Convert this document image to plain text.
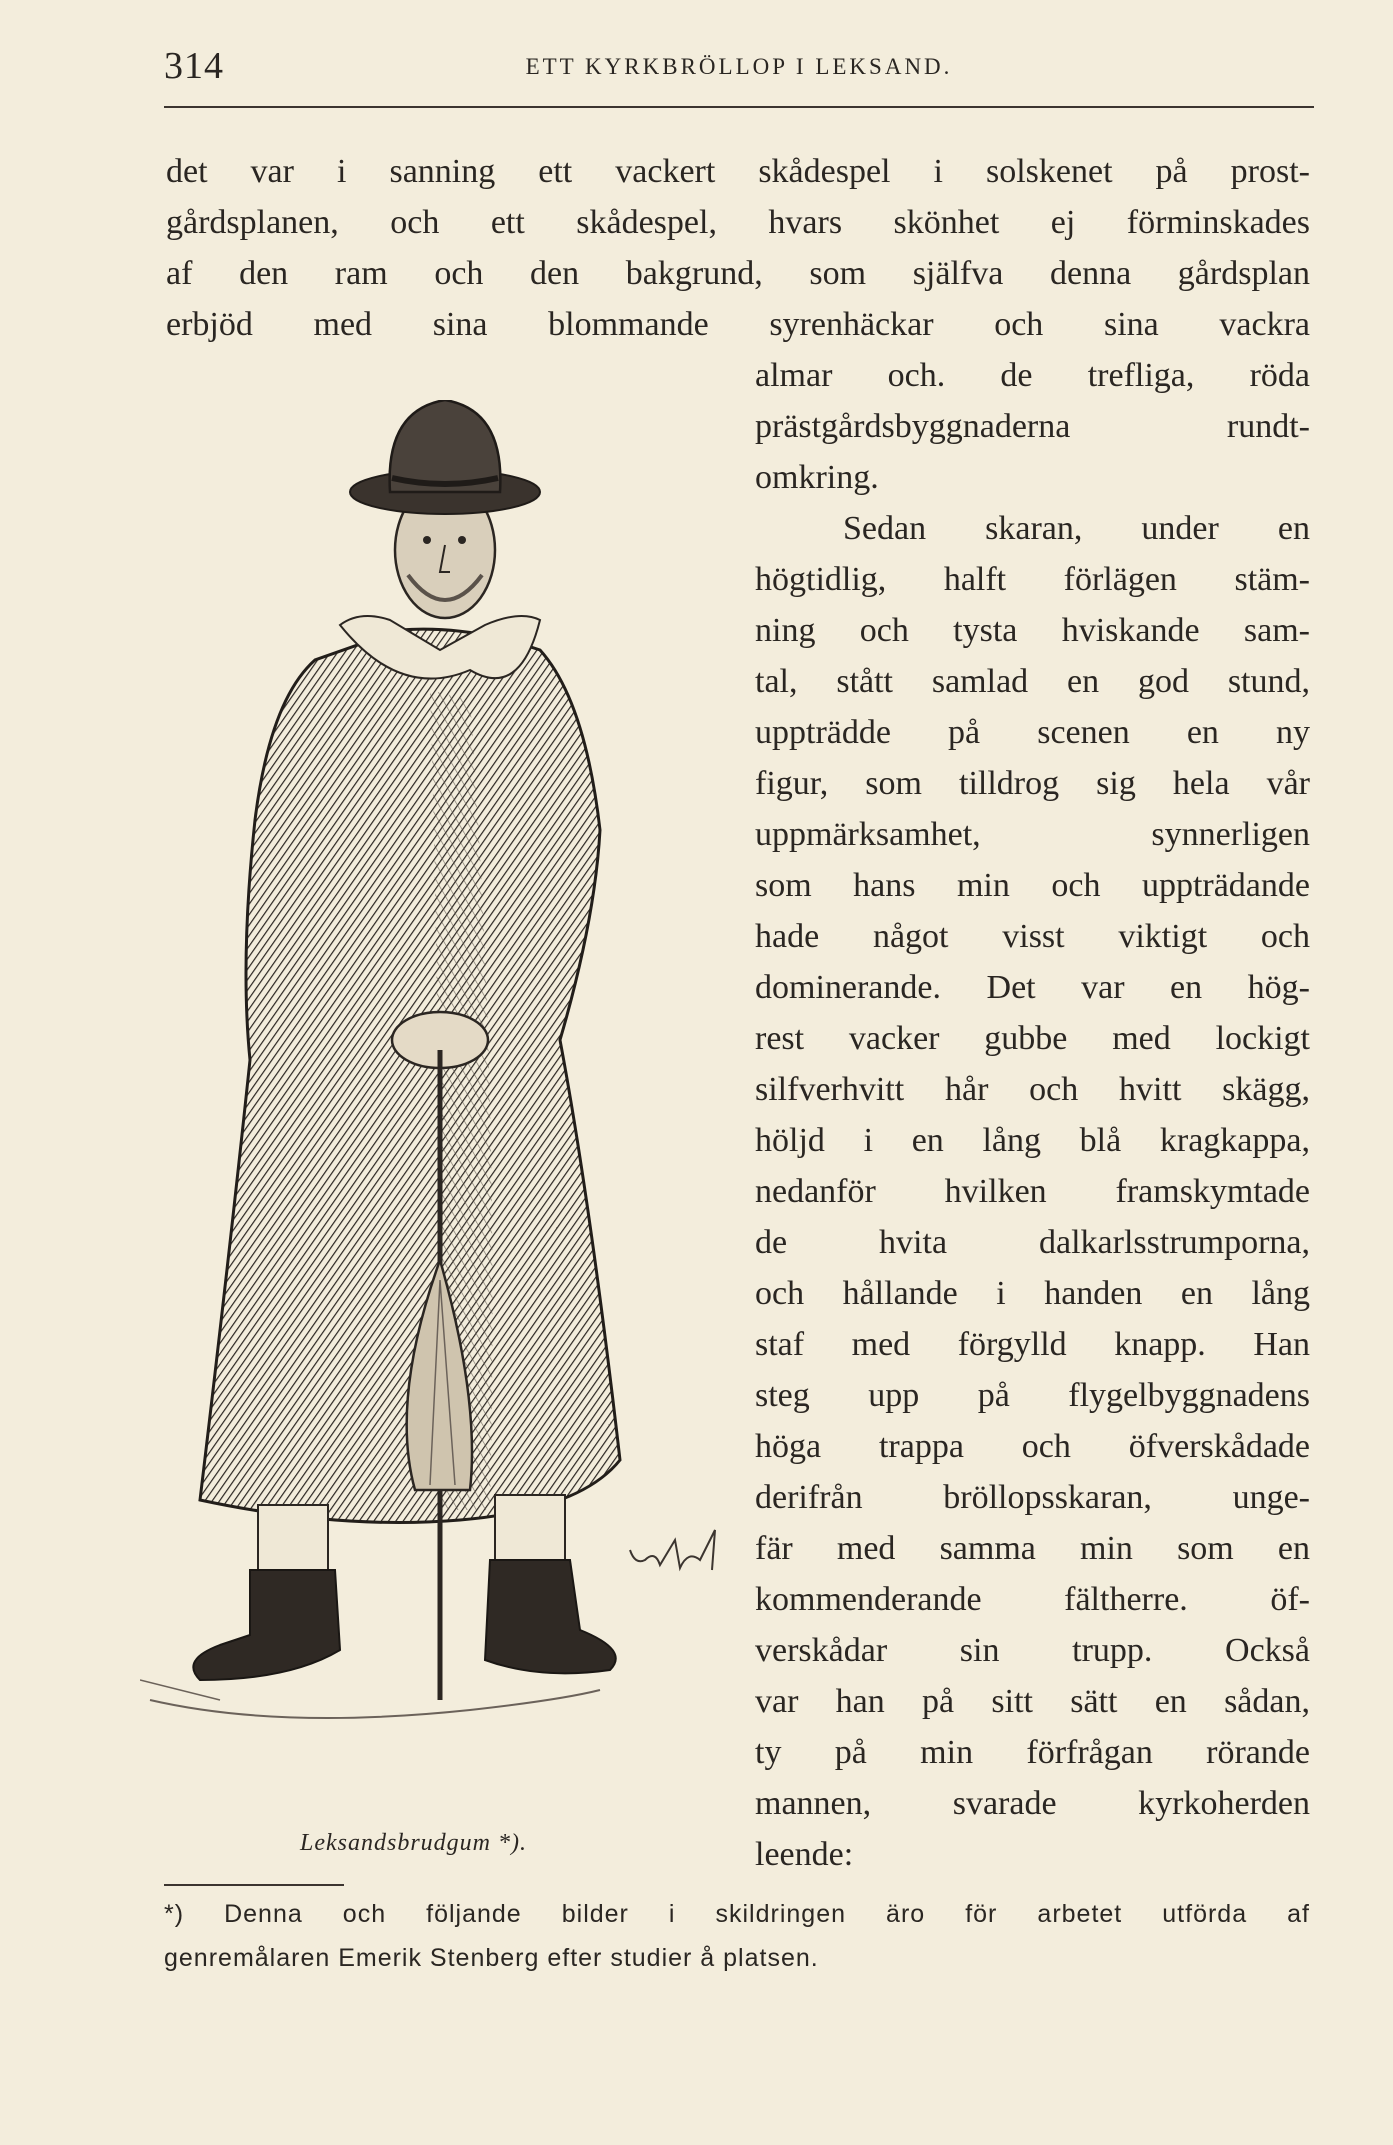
314	ETT KYRKBRÖLLOP I LEKSAND.
det var i sanning ett vackert skådespel i solskenet på prost-
gårdsplanen, och ett skådespel, hvars skönhet ej förminskades
af den ram och den bakgrund, som själfva denna gårdsplan
erbjöd med sina blommande syrenhäckar och sina vackra
almar och. de trefliga, röda
prästgårdsbyggnaderna rundt-
omkring.
Sedan skaran, under en
högtidlig, halft förlägen stäm-
ning och tysta hviskande sam-
tal, stått samlad en god stund,
uppträdde på scenen en ny
figur, som tilldrog sig hela vår
uppmärksamhet, synnerligen
som hans min och uppträdande
hade något visst viktigt och
dominerande. Det var en hög-
rest vacker gubbe med lockigt
silfverhvitt hår och hvitt skägg,
höljd i en lång blå kragkappa,
nedanför hvilken framskymtade
de hvita dalkarlsstrumporna,
och hållande i handen en lång
staf med förgylld knapp. Han
steg upp på flygelbyggnadens
höga trappa och öfverskådade
derifrån bröllopsskaran, unge-
fär med samma min som en
kommenderande fältherre. öf-
verskådar sin trupp. Också
var han på sitt sätt en sådan,
ty på min förfrågan rörande
mannen, svarade kyrkoherden
leende:
Leksandsbrudgum *).
*) Denna och följande bilder i skildringen äro för arbetet utförda af
genremålaren Emerik Stenberg efter studier å platsen.
